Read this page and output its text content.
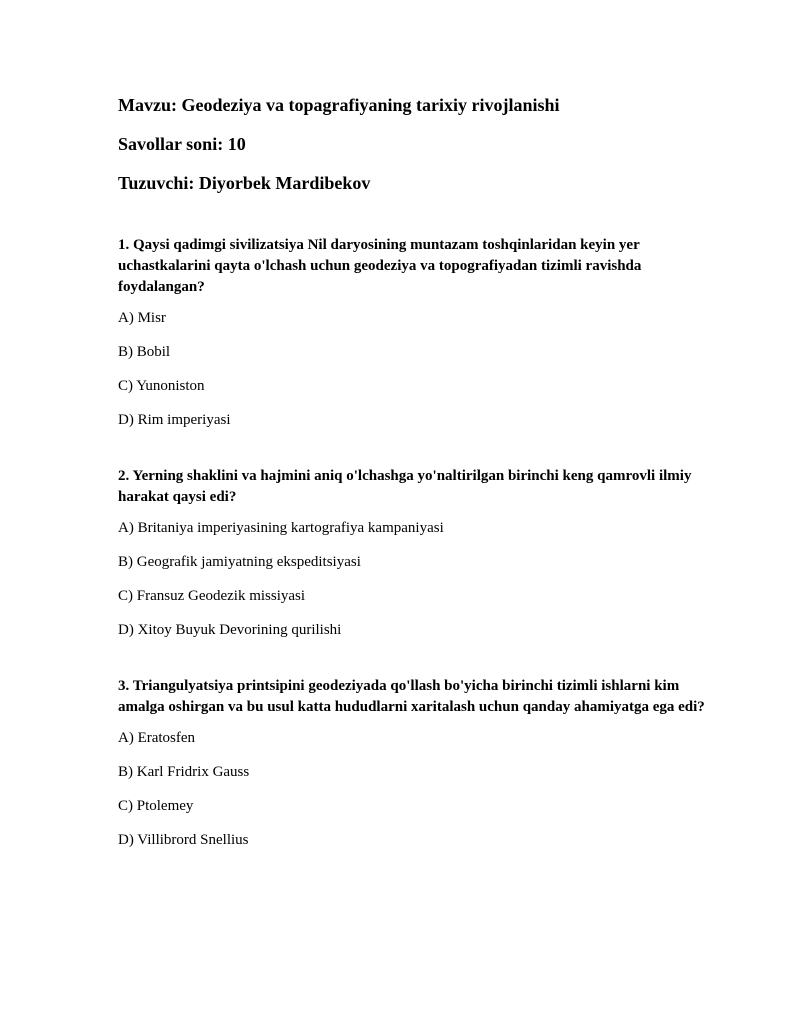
Mavzu: Geodeziya va topagrafiyaning tarixiy rivojlanishi

Savollar soni: 10

Tuzuvchi: Diyorbek Mardibekov

1. Qaysi qadimgi sivilizatsiya Nil daryosining muntazam toshqinlaridan keyin yer uchastkalarini qayta o'lchash uchun geodeziya va topografiyadan tizimli ravishda foydalangan?

A) Misr

B) Bobil

C) Yunoniston

D) Rim imperiyasi

2. Yerning shaklini va hajmini aniq o'lchashga yo'naltirilgan birinchi keng qamrovli ilmiy harakat qaysi edi?

A) Britaniya imperiyasining kartografiya kampaniyasi

B) Geografik jamiyatning ekspeditsiyasi

C) Fransuz Geodezik missiyasi

D) Xitoy Buyuk Devorining qurilishi

3. Triangulyatsiya printsipini geodeziyada qo'llash bo'yicha birinchi tizimli ishlarni kim amalga oshirgan va bu usul katta hududlarni xaritalash uchun qanday ahamiyatga ega edi?

A) Eratosfen

B) Karl Fridrix Gauss

C) Ptolemey

D) Villibrord Snellius
